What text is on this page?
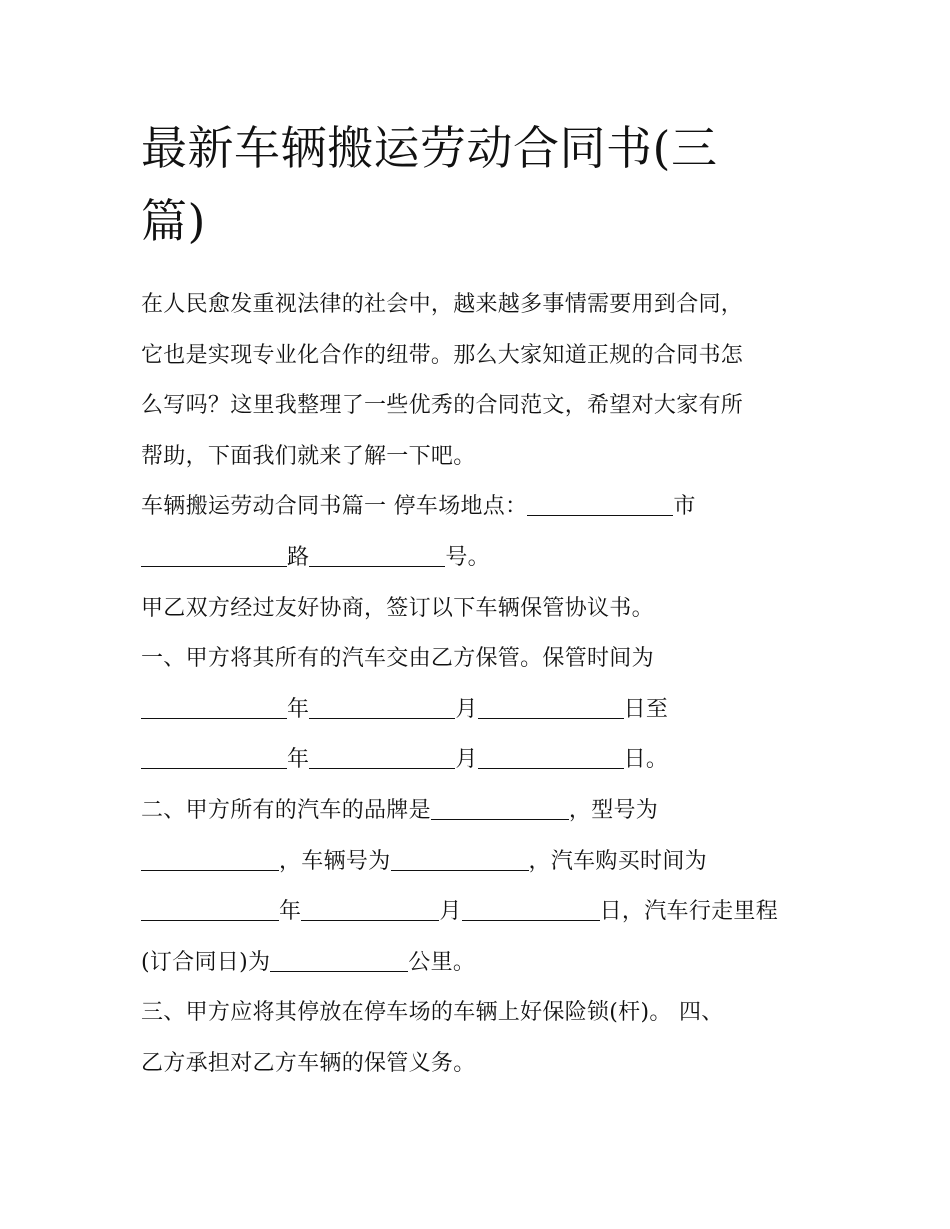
最新车辆搬运劳动合同书(三
篇)

在人民愈发重视法律的社会中，越来越多事情需要用到合同，

它也是实现专业化合作的纽带。那么大家知道正规的合同书怎

么写吗？这里我整理了一些优秀的合同范文，希望对大家有所

帮助，下面我们就来了解一下吧。

车辆搬运劳动合同书篇一 停车场地点：	市

路	号。

甲乙双方经过友好协商，签订以下车辆保管协议书。

一、甲方将其所有的汽车交由乙方保管。保管时间为

年	月	日至

年	月	日。

二、甲方所有的汽车的品牌是	，型号为

，车辆号为	，汽车购买时间为

年	月	日，汽车行走里程

(订合同日)为	公里。

三、甲方应将其停放在停车场的车辆上好保险锁(杆)。 四、

乙方承担对乙方车辆的保管义务。
